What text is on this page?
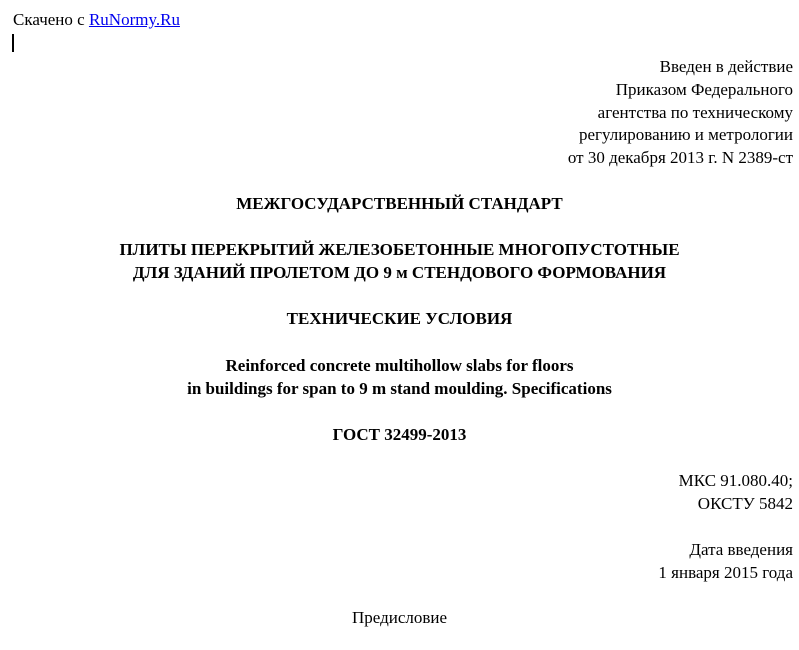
Скачено с RuNormy.Ru
Введен в действие
Приказом Федерального
агентства по техническому
регулированию и метрологии
от 30 декабря 2013 г. N 2389-ст
МЕЖГОСУДАРСТВЕННЫЙ СТАНДАРТ
ПЛИТЫ ПЕРЕКРЫТИЙ ЖЕЛЕЗОБЕТОННЫЕ МНОГОПУСТОТНЫЕ
ДЛЯ ЗДАНИЙ ПРОЛЕТОМ ДО 9 м СТЕНДОВОГО ФОРМОВАНИЯ
ТЕХНИЧЕСКИЕ УСЛОВИЯ
Reinforced concrete multihollow slabs for floors
in buildings for span to 9 m stand moulding. Specifications
ГОСТ 32499-2013
МКС 91.080.40;
ОКСТУ 5842
Дата введения
1 января 2015 года
Предисловие
